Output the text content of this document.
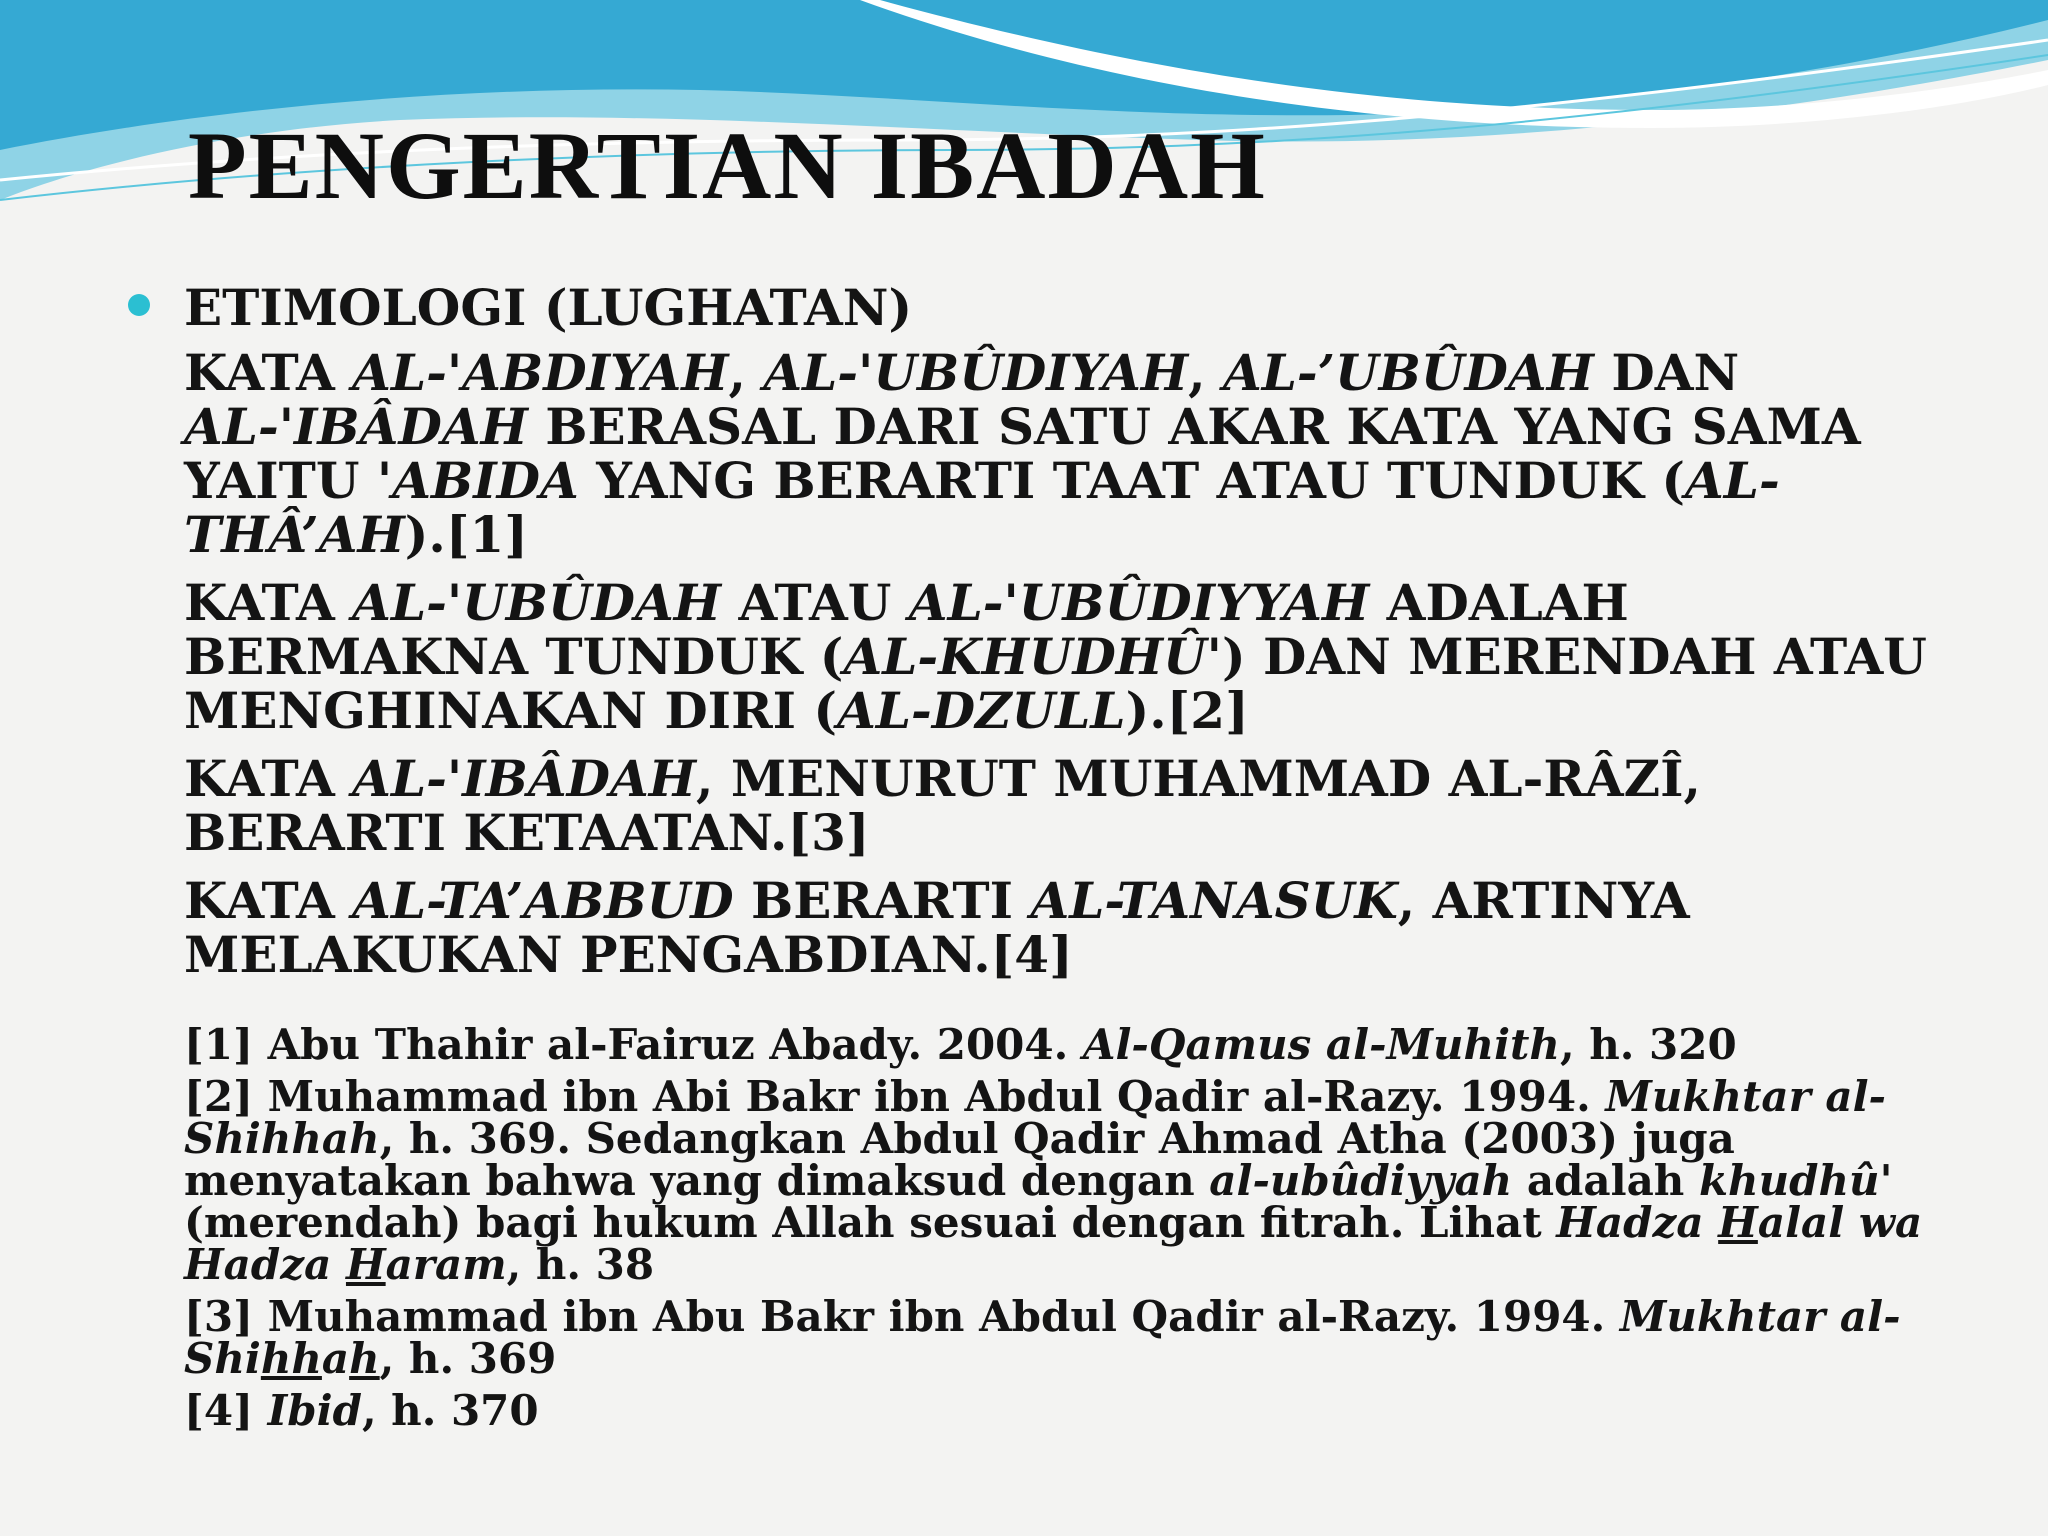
PENGERTIAN IBADAH
ETIMOLOGI (LUGHATAN)

KATA AL-'ABDIYAH, AL-'UBÛDIYAH, AL-’UBÛDAH DAN
AL-'IBÂDAH BERASAL DARI SATU AKAR KATA YANG SAMA
YAITU 'ABIDA YANG BERARTI TAAT ATAU TUNDUK (AL-
THÂ’AH).[1]

KATA AL-'UBÛDAH ATAU AL-'UBÛDIYYAH ADALAH
BERMAKNA TUNDUK (AL-KHUDHÛ') DAN MERENDAH ATAU
MENGHINAKAN DIRI (AL-DZULL).[2]

KATA AL-'IBÂDAH, MENURUT MUHAMMAD AL-RÂZÎ,
BERARTI KETAATAN.[3]

KATA AL-TA’ABBUD BERARTI AL-TANASUK, ARTINYA
MELAKUKAN PENGABDIAN.[4]

[1] Abu Thahir al-Fairuz Abady. 2004. Al-Qamus al-Muhith, h. 320

[2] Muhammad ibn Abi Bakr ibn Abdul Qadir al-Razy. 1994. Mukhtar al-
Shihhah, h. 369. Sedangkan Abdul Qadir Ahmad Atha (2003) juga
menyatakan bahwa yang dimaksud dengan al-ubûdiyyah adalah khudhû'
(merendah) bagi hukum Allah sesuai dengan fitrah. Lihat Hadza Halal wa
Hadza Haram, h. 38

[3] Muhammad ibn Abu Bakr ibn Abdul Qadir al-Razy. 1994. Mukhtar al-
Shihhah, h. 369

[4] Ibid, h. 370
